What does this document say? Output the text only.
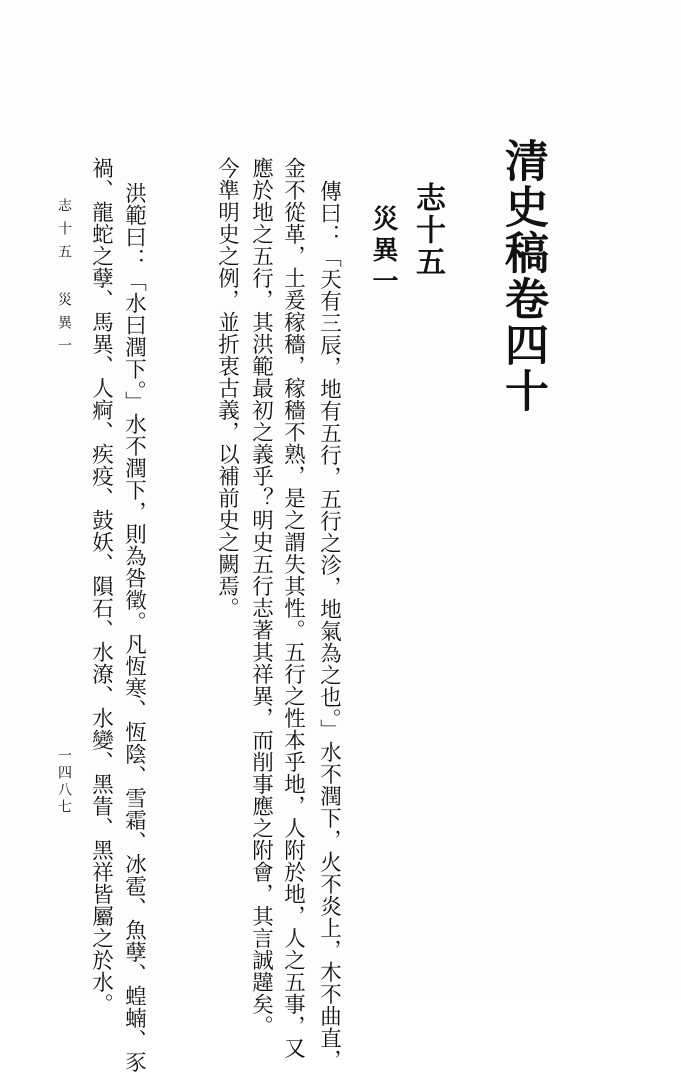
清史稿卷四十
志十五
災異一
傳曰：「天有三辰，地有五行，五行之沴，地氣為之也。」水不潤下，火不炎上，木不曲直，
金不從革，土爰稼穡，稼穡不熟，是之謂失其性。五行之性本乎地，人附於地，人之五事，又
應於地之五行，其洪範最初之義乎？明史五行志著其祥異，而削事應之附會，其言誠韙矣。
今準明史之例，並折衷古義，以補前史之闕焉。
洪範曰：「水曰潤下。」水不潤下，則為咎徵。凡恆寒、恆陰、雪霜、冰雹、魚孽、蝗蝻、豕
禍、龍蛇之孽、馬異、人痾、疾疫、鼓妖、隕石、水潦、水變、黑眚、黑祥皆屬之於水。
志十五 災異一
一四八七
